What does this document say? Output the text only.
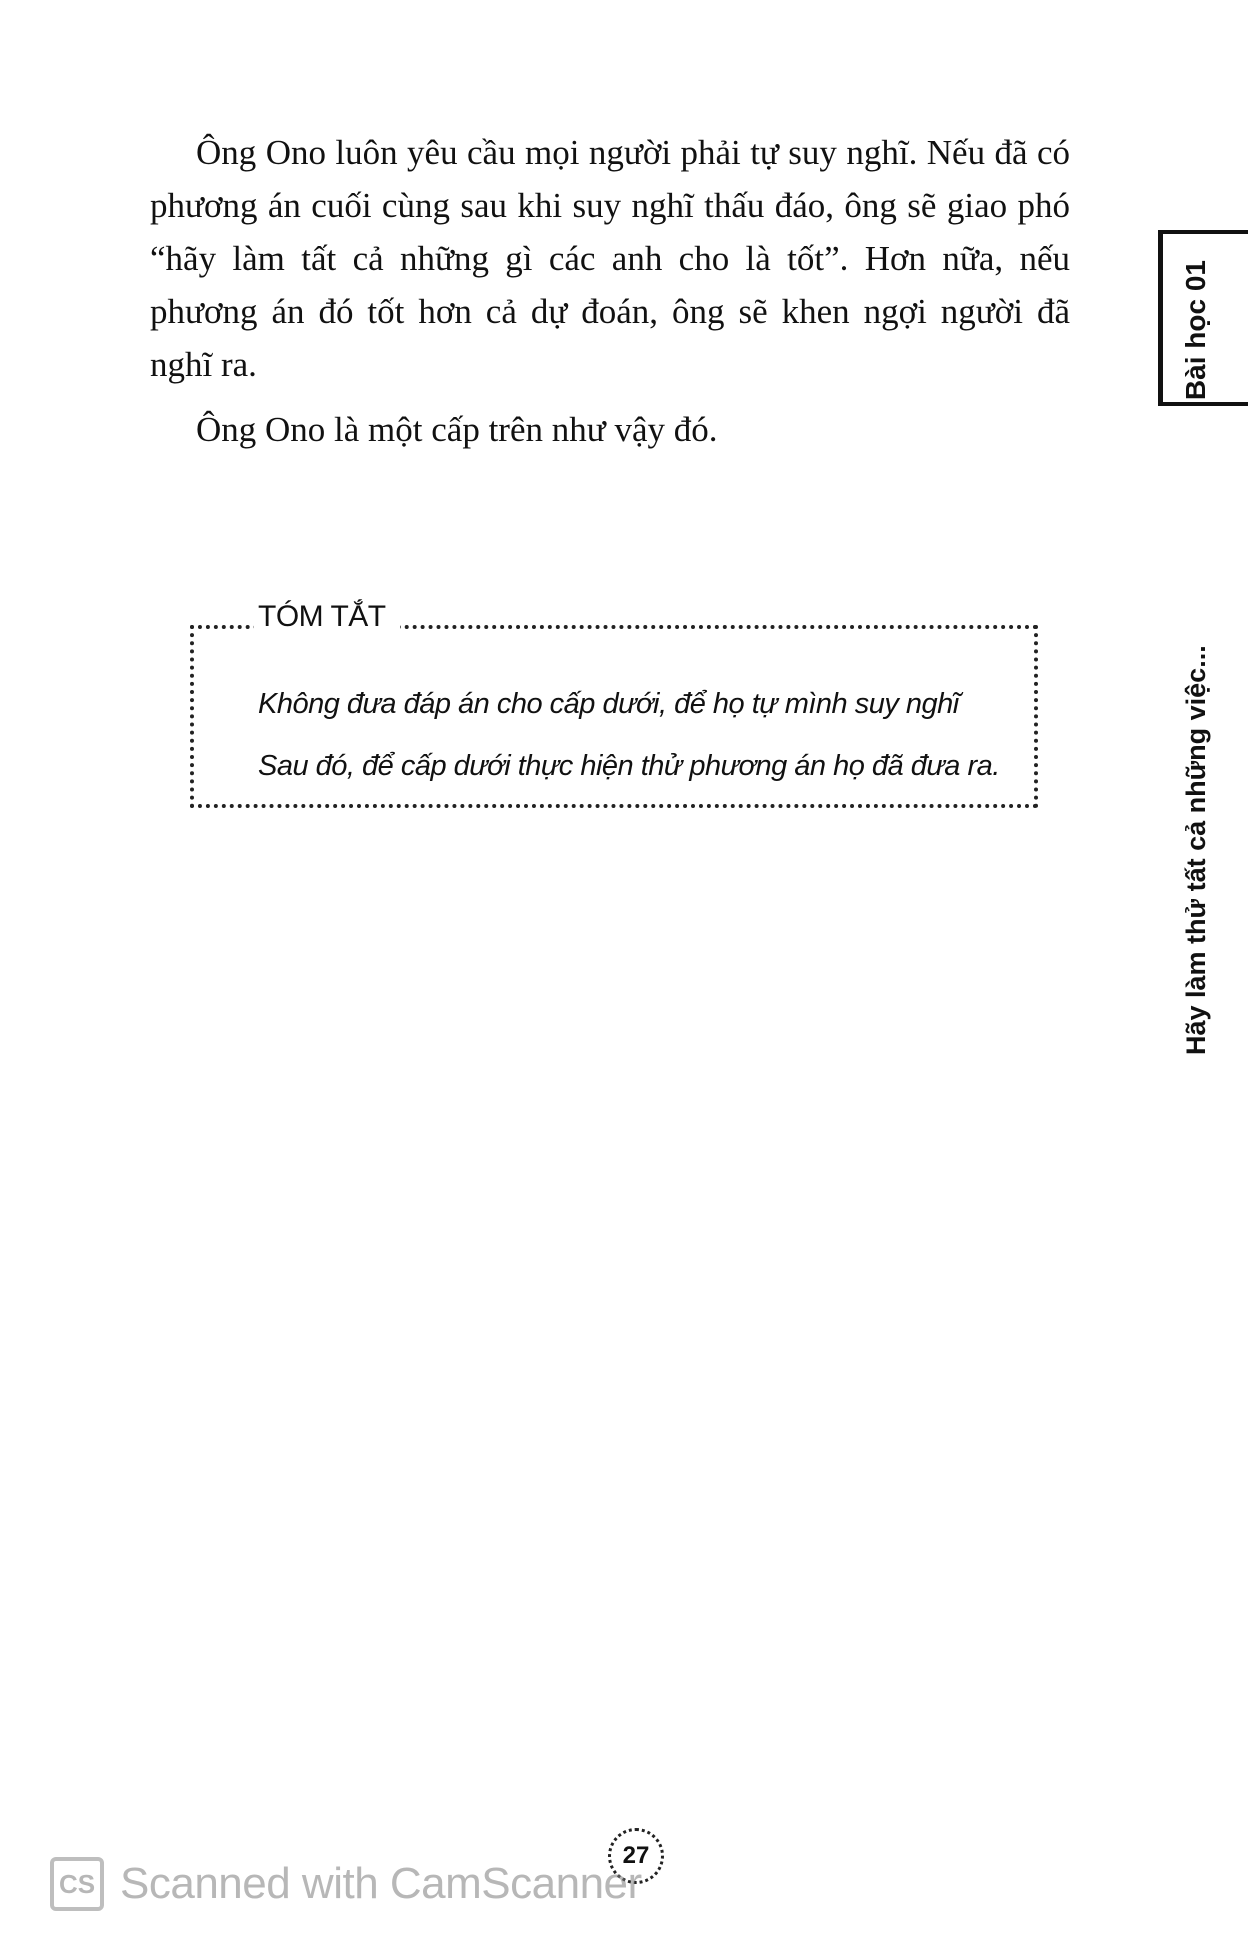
Ông Ono luôn yêu cầu mọi người phải tự suy nghĩ. Nếu đã có phương án cuối cùng sau khi suy nghĩ thấu đáo, ông sẽ giao phó “hãy làm tất cả những gì các anh cho là tốt”. Hơn nữa, nếu phương án đó tốt hơn cả dự đoán, ông sẽ khen ngợi người đã nghĩ ra.

Ông Ono là một cấp trên như vậy đó.

TÓM TẮT
Không đưa đáp án cho cấp dưới, để họ tự mình suy nghĩ
Sau đó, để cấp dưới thực hiện thử phương án họ đã đưa ra.
Bài học 01
Hãy làm thử tất cả những việc...
27
CS Scanned with CamScanner
